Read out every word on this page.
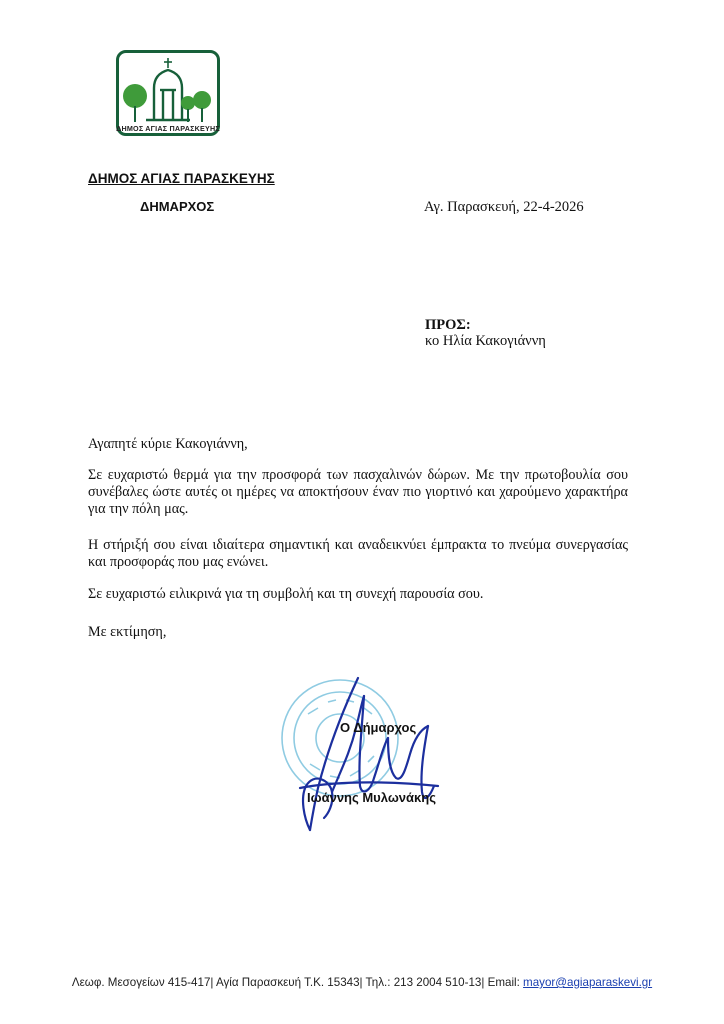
ΔΗΜΟΣ ΑΓΙΑΣ ΠΑΡΑΣΚΕΥΗΣ
ΔΗΜΟΣ ΑΓΙΑΣ ΠΑΡΑΣΚΕΥΗΣ
ΔΗΜΑΡΧΟΣ	Αγ. Παρασκευή, 22-4-2026
ΠΡΟΣ:
κο Ηλία Κακογιάννη

Αγαπητέ κύριε Κακογιάννη,

Σε ευχαριστώ θερμά για την προσφορά των πασχαλινών δώρων. Με την πρωτοβουλία σου συνέβαλες ώστε αυτές οι ημέρες να αποκτήσουν έναν πιο γιορτινό και χαρούμενο χαρακτήρα για την πόλη μας.

Η στήριξή σου είναι ιδιαίτερα σημαντική και αναδεικνύει έμπρακτα το πνεύμα συνεργασίας και προσφοράς που μας ενώνει.

Σε ευχαριστώ ειλικρινά για τη συμβολή και τη συνεχή παρουσία σου.

Με εκτίμηση,

Ο Δήμαρχος
Ιωάννης Μυλωνάκης
Λεωφ. Μεσογείων 415-417| Αγία Παρασκευή Τ.Κ. 15343| Τηλ.: 213 2004 510-13| Email: mayor@agiaparaskevi.gr
